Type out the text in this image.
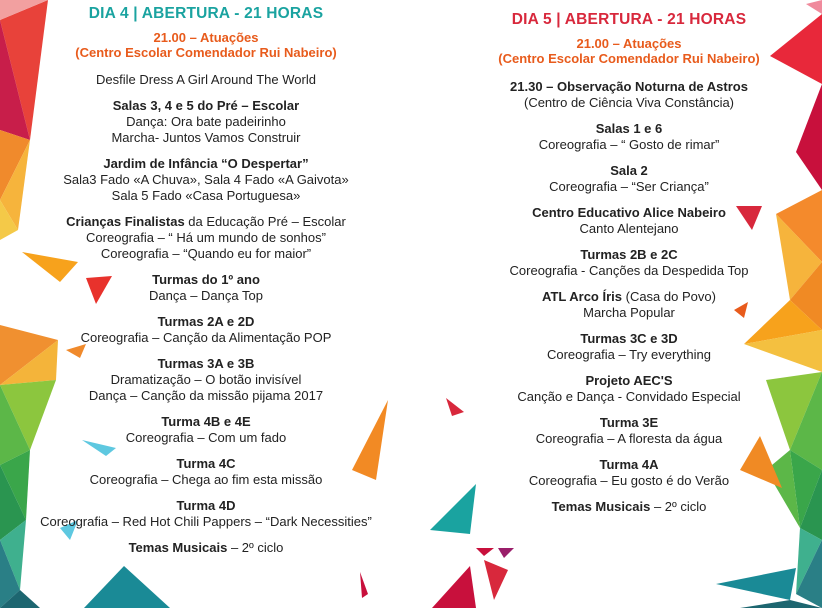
DIA 4 | ABERTURA - 21 HORAS
21.00 – Atuações
(Centro Escolar Comendador Rui Nabeiro)
Desfile Dress A Girl Around The World
Salas 3, 4 e 5 do Pré – Escolar
Dança: Ora bate padeirinho
Marcha- Juntos Vamos Construir
Jardim de Infância “O Despertar”
Sala3 Fado «A Chuva», Sala 4 Fado «A Gaivota»
Sala 5 Fado «Casa Portuguesa»
Crianças Finalistas da Educação Pré – Escolar
Coreografia – “ Há um mundo de sonhos”
Coreografia – “Quando eu for maior”
Turmas do 1º ano
Dança – Dança Top
Turmas 2A e 2D
Coreografia – Canção da Alimentação POP
Turmas 3A e 3B
Dramatização – O botão invisível
Dança – Canção da missão pijama 2017
Turma 4B e 4E
Coreografia – Com um fado
Turma 4C
Coreografia – Chega ao fim esta missão
Turma 4D
Coreografia – Red Hot Chili Pappers – “Dark Necessities”
Temas Musicais – 2º ciclo
DIA 5 | ABERTURA - 21 HORAS
21.00 – Atuações
(Centro Escolar Comendador Rui Nabeiro)
21.30 – Observação Noturna de Astros
(Centro de Ciência Viva Constância)
Salas 1 e 6
Coreografia – “ Gosto de rimar”
Sala 2
Coreografia – “Ser Criança”
Centro Educativo Alice Nabeiro
Canto Alentejano
Turmas 2B e 2C
Coreografia - Canções da Despedida Top
ATL Arco Íris (Casa do Povo)
Marcha Popular
Turmas 3C e 3D
Coreografia – Try everything
Projeto AEC'S
Canção e Dança - Convidado Especial
Turma 3E
Coreografia – A floresta da água
Turma 4A
Coreografia – Eu gosto é do Verão
Temas Musicais – 2º ciclo
